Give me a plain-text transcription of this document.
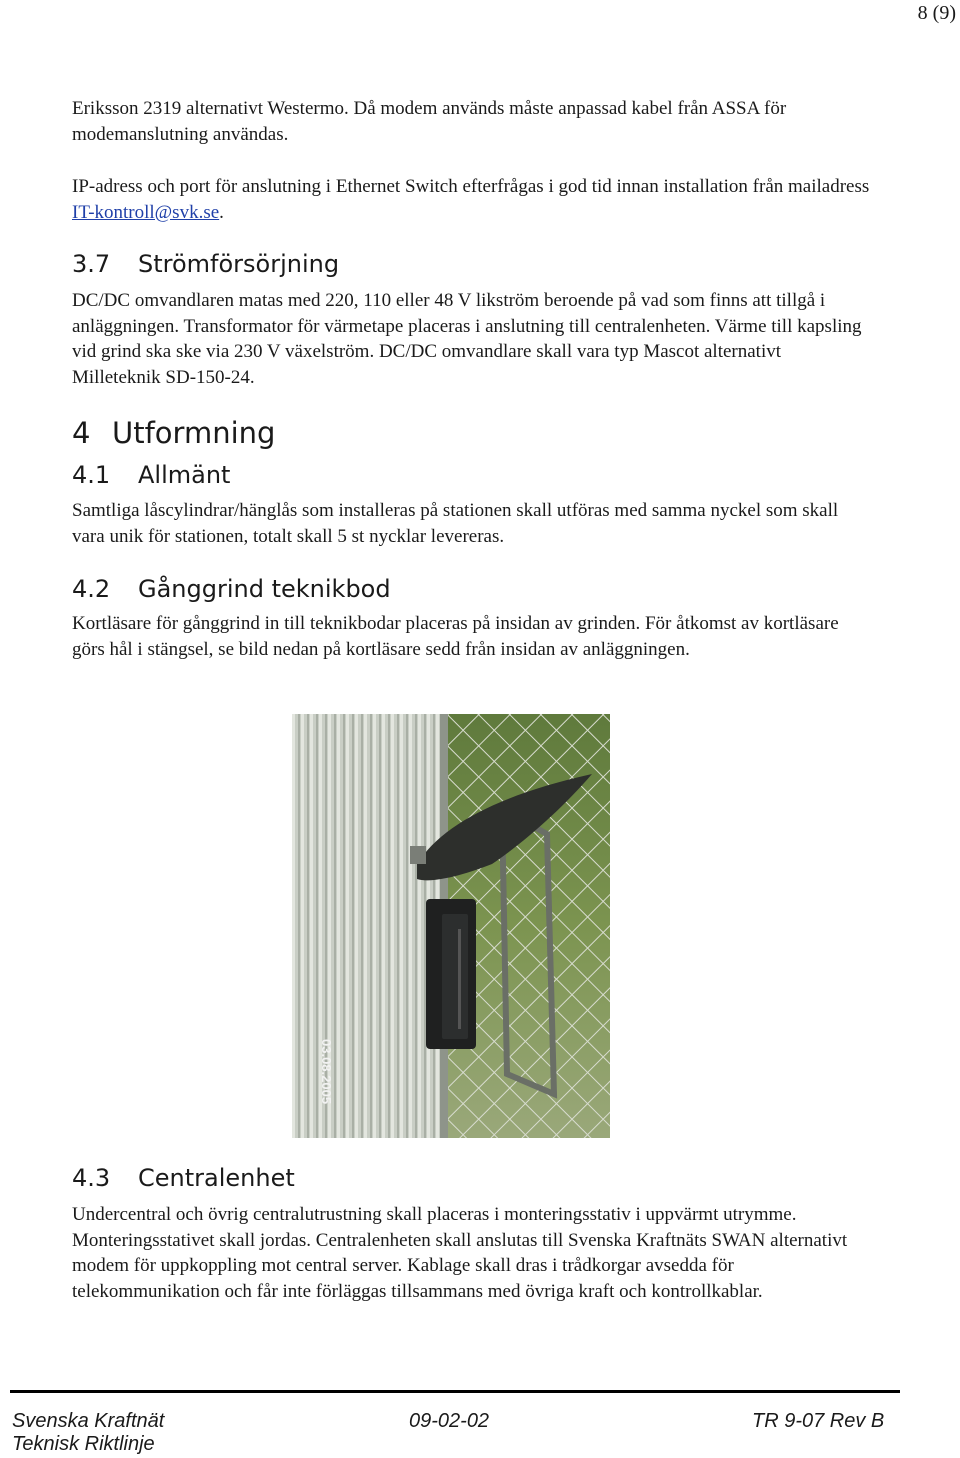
8 (9)

Eriksson 2319 alternativt Westermo. Då modem används måste anpassad kabel från ASSA för modemanslutning användas.

IP-adress och port för anslutning i Ethernet Switch efterfrågas i god tid innan installation från mailadress IT-kontroll@svk.se.

3.7 Strömförsörjning

DC/DC omvandlaren matas med 220, 110 eller 48 V likström beroende på vad som finns att tillgå i anläggningen. Transformator för värmetape placeras i anslutning till centralenheten. Värme till kapsling vid grind ska ske via 230 V växelström. DC/DC omvandlare skall vara typ Mascot alternativt Milleteknik SD-150-24.

4 Utformning
4.1 Allmänt

Samtliga låscylindrar/hänglås som installeras på stationen skall utföras med samma nyckel som skall vara unik för stationen, totalt skall 5 st nycklar levereras.

4.2 Gånggrind teknikbod

Kortläsare för gånggrind in till teknikbodar placeras på insidan av grinden. För åtkomst av kortläsare görs hål i stängsel, se bild nedan på kortläsare sedd från insidan av anläggningen.

03.08.2005
4.3 Centralenhet

Undercentral och övrig centralutrustning skall placeras i monteringsstativ i uppvärmt utrymme. Monteringsstativet skall jordas. Centralenheten skall anslutas till Svenska Kraftnäts SWAN alternativt modem för uppkoppling mot central server. Kablage skall dras i trådkorgar avsedda för telekommunikation och får inte förläggas tillsammans med övriga kraft och kontrollkablar.

Svenska Kraftnät
Teknisk Riktlinje
09-02-02	TR 9-07 Rev B
